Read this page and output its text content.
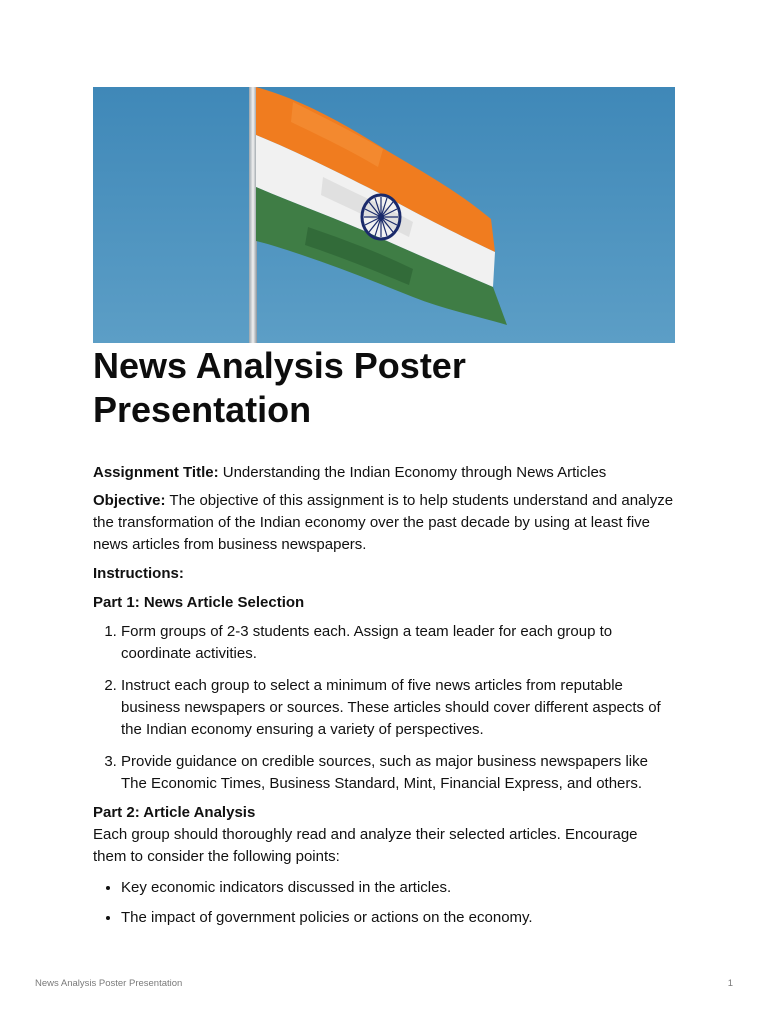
News Analysis Poster Presentation

Assignment Title: Understanding the Indian Economy through News Articles

Objective: The objective of this assignment is to help students understand and analyze the transformation of the Indian economy over the past decade by using at least five news articles from business newspapers.

Instructions:

Part 1: News Article Selection

1. Form groups of 2-3 students each. Assign a team leader for each group to coordinate activities.
2. Instruct each group to select a minimum of five news articles from reputable business newspapers or sources. These articles should cover different aspects of the Indian economy ensuring a variety of perspectives.
3. Provide guidance on credible sources, such as major business newspapers like The Economic Times, Business Standard, Mint, Financial Express, and others.

Part 2: Article Analysis

Each group should thoroughly read and analyze their selected articles. Encourage them to consider the following points:

• Key economic indicators discussed in the articles.
• The impact of government policies or actions on the economy.
News Analysis Poster Presentation	1
